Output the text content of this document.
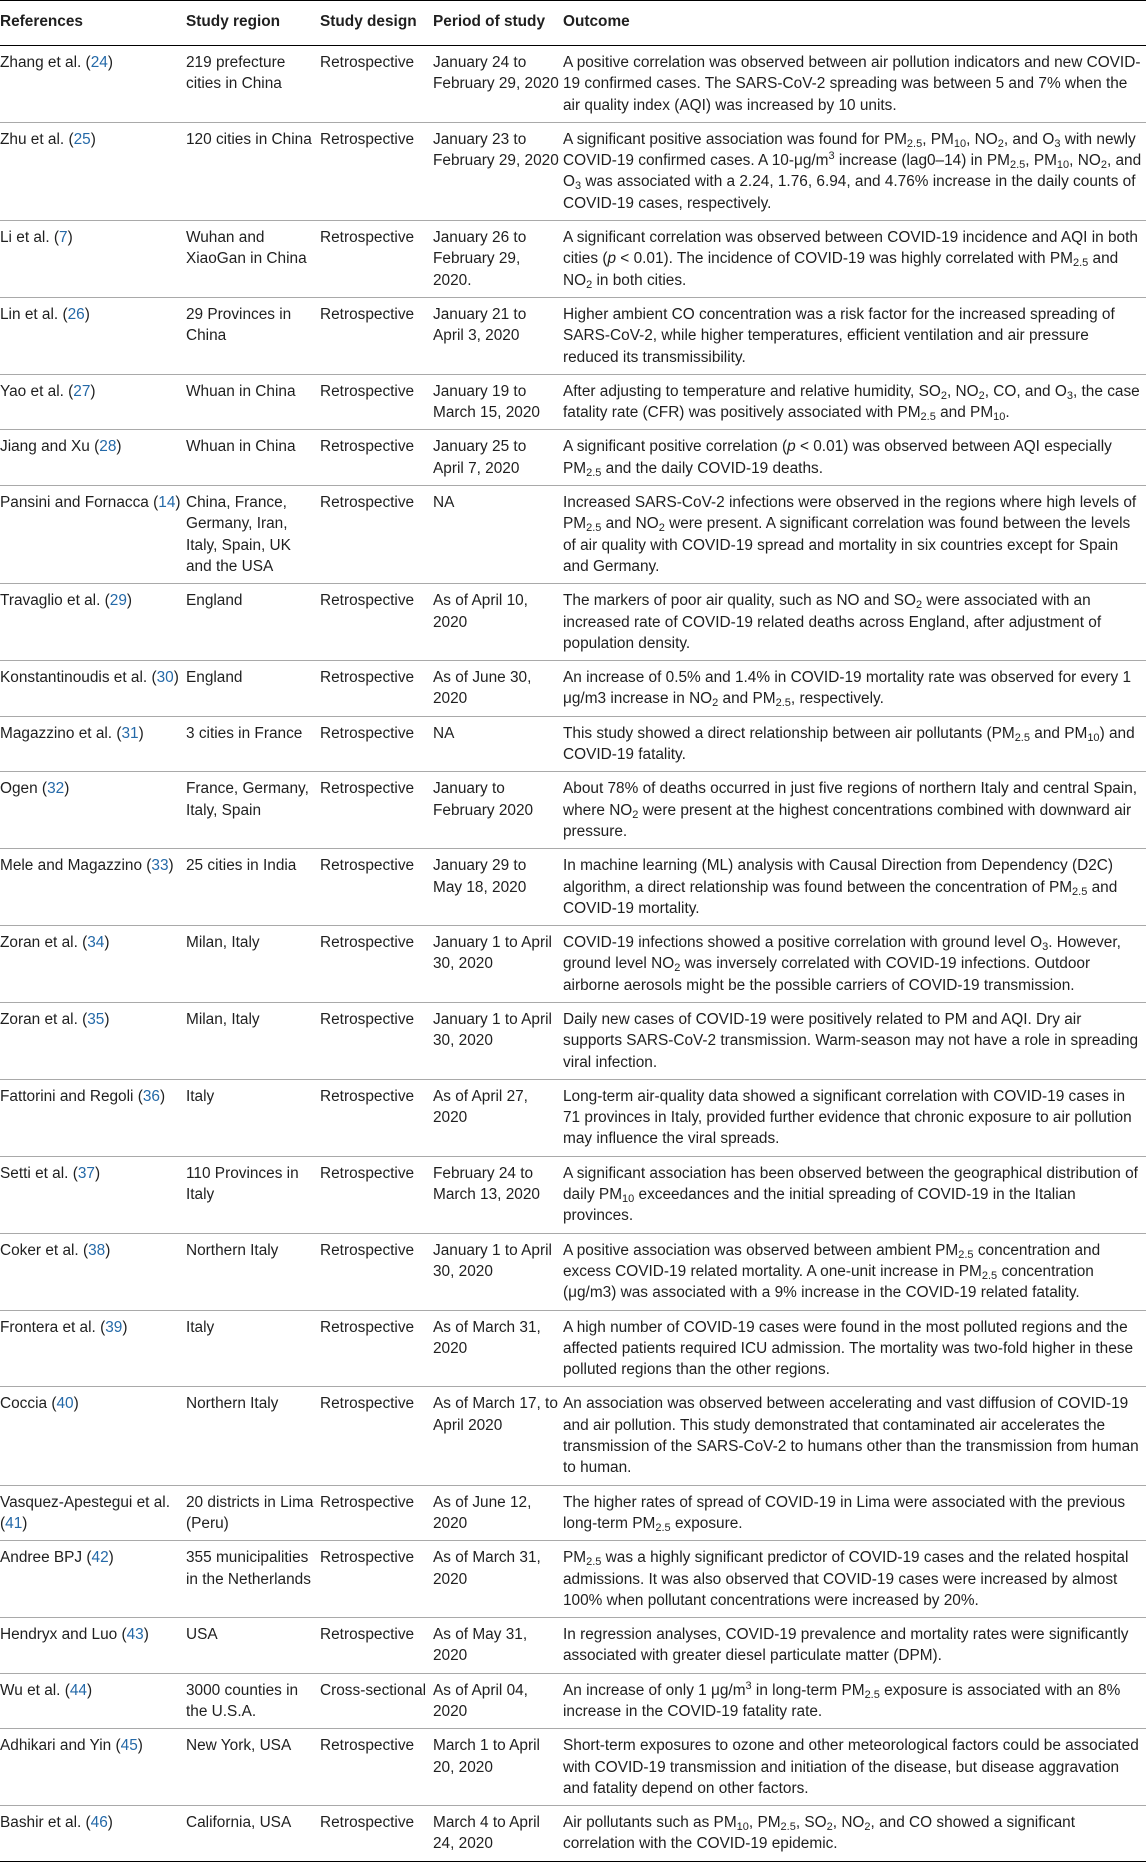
References	Study region	Study design	Period of study	Outcome
Zhang et al. (24)	219 prefecture cities in China	Retrospective	January 24 to February 29, 2020	A positive correlation was observed between air pollution indicators and new COVID-19 confirmed cases. The SARS-CoV-2 spreading was between 5 and 7% when the air quality index (AQI) was increased by 10 units.
Zhu et al. (25)	120 cities in China	Retrospective	January 23 to February 29, 2020	A significant positive association was found for $PM_{2.5}$, $PM_{10}$, $NO_2$, and $O_3$ with newly COVID-19 confirmed cases. A $10-\mu g/m^3$ increase (lag0–14) in $PM_{2.5}$, $PM_{10}$, $NO_2$, and $O_3$ was associated with a 2.24, 1.76, 6.94, and 4.76% increase in the daily counts of COVID-19 cases, respectively.
Li et al. (7)	Wuhan and XiaoGan in China	Retrospective	January 26 to February 29, 2020.	A significant correlation was observed between COVID-19 incidence and AQI in both cities (p < 0.01). The incidence of COVID-19 was highly correlated with $PM_{2.5}$ and $NO_2$ in both cities.
Lin et al. (26)	29 Provinces in China	Retrospective	January 21 to April 3, 2020	Higher ambient CO concentration was a risk factor for the increased spreading of SARS-CoV-2, while higher temperatures, efficient ventilation and air pressure reduced its transmissibility.
Yao et al. (27)	Whuan in China	Retrospective	January 19 to March 15, 2020	After adjusting to temperature and relative humidity, $SO_2$, $NO_2$, CO, and $O_3$, the case fatality rate (CFR) was positively associated with $PM_{2.5}$ and $PM_{10}$.
Jiang and Xu (28)	Whuan in China	Retrospective	January 25 to April 7, 2020	A significant positive correlation (p < 0.01) was observed between AQI especially $PM_{2.5}$ and the daily COVID-19 deaths.
Pansini and Fornacca (14)	China, France, Germany, Iran, Italy, Spain, UK and the USA	Retrospective	NA	Increased SARS-CoV-2 infections were observed in the regions where high levels of $PM_{2.5}$ and $NO_2$ were present. A significant correlation was found between the levels of air quality with COVID-19 spread and mortality in six countries except for Spain and Germany.
Travaglio et al. (29)	England	Retrospective	As of April 10, 2020	The markers of poor air quality, such as NO and $SO_2$ were associated with an increased rate of COVID-19 related deaths across England, after adjustment of population density.
Konstantinoudis et al. (30)	England	Retrospective	As of June 30, 2020	An increase of 0.5% and 1.4% in COVID-19 mortality rate was observed for every 1 μg/m3 increase in $NO_2$ and $PM_{2.5}$, respectively.
Magazzino et al. (31)	3 cities in France	Retrospective	NA	This study showed a direct relationship between air pollutants ($PM_{2.5}$ and $PM_{10}$) and COVID-19 fatality.
Ogen (32)	France, Germany, Italy, Spain	Retrospective	January to February 2020	About 78% of deaths occurred in just five regions of northern Italy and central Spain, where $NO_2$ were present at the highest concentrations combined with downward air pressure.
Mele and Magazzino (33)	25 cities in India	Retrospective	January 29 to May 18, 2020	In machine learning (ML) analysis with Causal Direction from Dependency (D2C) algorithm, a direct relationship was found between the concentration of $PM_{2.5}$ and COVID-19 mortality.
Zoran et al. (34)	Milan, Italy	Retrospective	January 1 to April 30, 2020	COVID-19 infections showed a positive correlation with ground level $O_3$. However, ground level $NO_2$ was inversely correlated with COVID-19 infections. Outdoor airborne aerosols might be the possible carriers of COVID-19 transmission.
Zoran et al. (35)	Milan, Italy	Retrospective	January 1 to April 30, 2020	Daily new cases of COVID-19 were positively related to PM and AQI. Dry air supports SARS-CoV-2 transmission. Warm-season may not have a role in spreading viral infection.
Fattorini and Regoli (36)	Italy	Retrospective	As of April 27, 2020	Long-term air-quality data showed a significant correlation with COVID-19 cases in 71 provinces in Italy, provided further evidence that chronic exposure to air pollution may influence the viral spreads.
Setti et al. (37)	110 Provinces in Italy	Retrospective	February 24 to March 13, 2020	A significant association has been observed between the geographical distribution of daily $PM_{10}$ exceedances and the initial spreading of COVID-19 in the Italian provinces.
Coker et al. (38)	Northern Italy	Retrospective	January 1 to April 30, 2020	A positive association was observed between ambient $PM_{2.5}$ concentration and excess COVID-19 related mortality. A one-unit increase in $PM_{2.5}$ concentration (μg/m3) was associated with a 9% increase in the COVID-19 related fatality.
Frontera et al. (39)	Italy	Retrospective	As of March 31, 2020	A high number of COVID-19 cases were found in the most polluted regions and the affected patients required ICU admission. The mortality was two-fold higher in these polluted regions than the other regions.
Coccia (40)	Northern Italy	Retrospective	As of March 17, to April 2020	An association was observed between accelerating and vast diffusion of COVID-19 and air pollution. This study demonstrated that contaminated air accelerates the transmission of the SARS-CoV-2 to humans other than the transmission from human to human.
Vasquez-Apestegui et al. (41)	20 districts in Lima (Peru)	Retrospective	As of June 12, 2020	The higher rates of spread of COVID-19 in Lima were associated with the previous long-term $PM_{2.5}$ exposure.
Andree BPJ (42)	355 municipalities in the Netherlands	Retrospective	As of March 31, 2020	$PM_{2.5}$ was a highly significant predictor of COVID-19 cases and the related hospital admissions. It was also observed that COVID-19 cases were increased by almost 100% when pollutant concentrations were increased by 20%.
Hendryx and Luo (43)	USA	Retrospective	As of May 31, 2020	In regression analyses, COVID-19 prevalence and mortality rates were significantly associated with greater diesel particulate matter (DPM).
Wu et al. (44)	3000 counties in the U.S.A.	Cross-sectional	As of April 04, 2020	An increase of only 1 $\mu g/m^3$ in long-term $PM_{2.5}$ exposure is associated with an 8% increase in the COVID-19 fatality rate.
Adhikari and Yin (45)	New York, USA	Retrospective	March 1 to April 20, 2020	Short-term exposures to ozone and other meteorological factors could be associated with COVID-19 transmission and initiation of the disease, but disease aggravation and fatality depend on other factors.
Bashir et al. (46)	California, USA	Retrospective	March 4 to April 24, 2020	Air pollutants such as $PM_{10}$, $PM_{2.5}$, $SO_2$, $NO_2$, and CO showed a significant correlation with the COVID-19 epidemic.
